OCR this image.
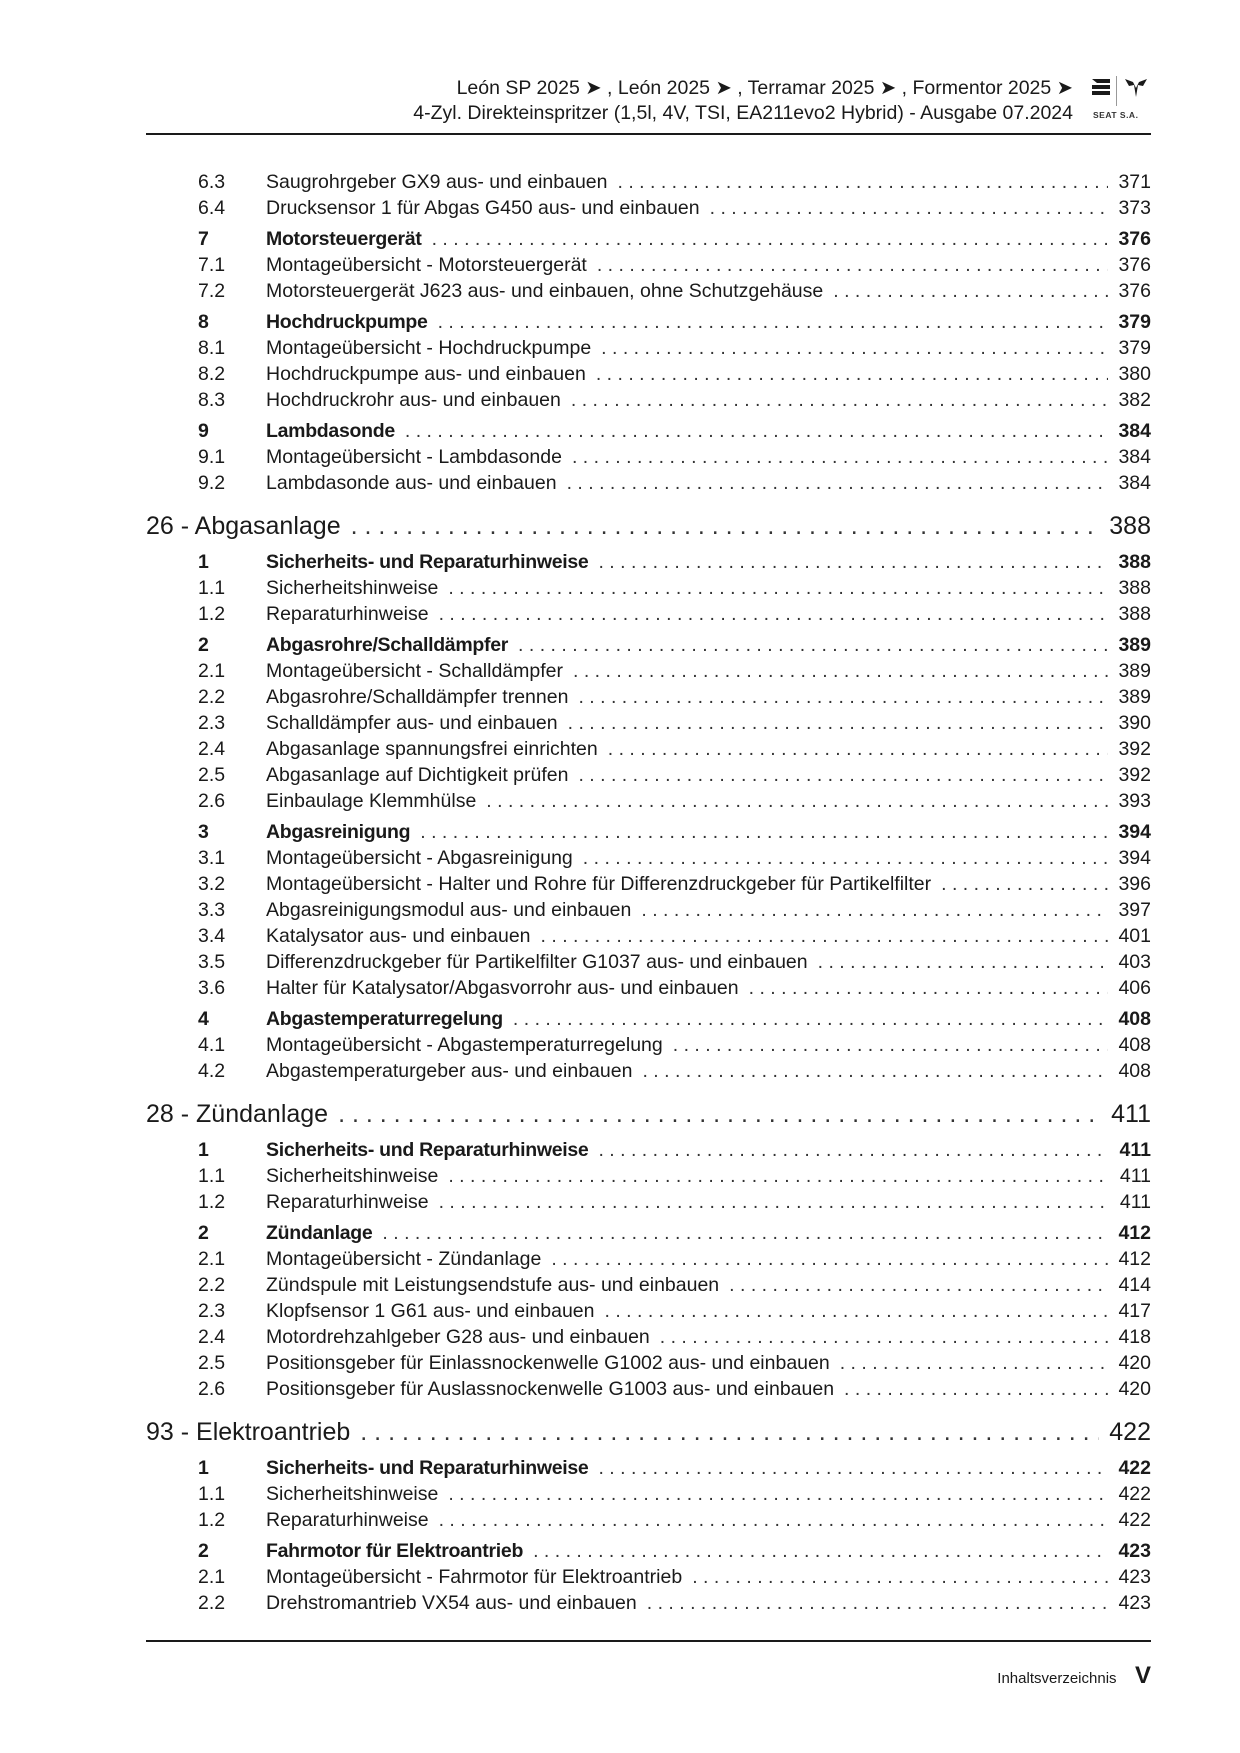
León SP 2025 ➤ , León 2025 ➤ , Terramar 2025 ➤ , Formentor 2025 ➤
4-Zyl. Direkteinspritzer (1,5l, 4V, TSI, EA211evo2 Hybrid) - Ausgabe 07.2024 SEAT S.A.
6.3	Saugrohrgeber GX9 aus- und einbauen . . .	371
6.4	Drucksensor 1 für Abgas G450 aus- und einbauen . . .	373
7	Motorsteuergerät . . .	376
7.1	Montageübersicht - Motorsteuergerät . . .	376
7.2	Motorsteuergerät J623 aus- und einbauen, ohne Schutzgehäuse . . .	376
8	Hochdruckpumpe . . .	379
8.1	Montageübersicht - Hochdruckpumpe . . .	379
8.2	Hochdruckpumpe aus- und einbauen . . .	380
8.3	Hochdruckrohr aus- und einbauen . . .	382
9	Lambdasonde . . .	384
9.1	Montageübersicht - Lambdasonde . . .	384
9.2	Lambdasonde aus- und einbauen . . .	384
26 - Abgasanlage . . .	388
1	Sicherheits- und Reparaturhinweise . . .	388
1.1	Sicherheitshinweise . . .	388
1.2	Reparaturhinweise . . .	388
2	Abgasrohre/Schalldämpfer . . .	389
2.1	Montageübersicht - Schalldämpfer . . .	389
2.2	Abgasrohre/Schalldämpfer trennen . . .	389
2.3	Schalldämpfer aus- und einbauen . . .	390
2.4	Abgasanlage spannungsfrei einrichten . . .	392
2.5	Abgasanlage auf Dichtigkeit prüfen . . .	392
2.6	Einbaulage Klemmhülse . . .	393
3	Abgasreinigung . . .	394
3.1	Montageübersicht - Abgasreinigung . . .	394
3.2	Montageübersicht - Halter und Rohre für Differenzdruckgeber für Partikelfilter . . .	396
3.3	Abgasreinigungsmodul aus- und einbauen . . .	397
3.4	Katalysator aus- und einbauen . . .	401
3.5	Differenzdruckgeber für Partikelfilter G1037 aus- und einbauen . . .	403
3.6	Halter für Katalysator/Abgasvorrohr aus- und einbauen . . .	406
4	Abgastemperaturregelung . . .	408
4.1	Montageübersicht - Abgastemperaturregelung . . .	408
4.2	Abgastemperaturgeber aus- und einbauen . . .	408
28 - Zündanlage . . .	411
1	Sicherheits- und Reparaturhinweise . . .	411
1.1	Sicherheitshinweise . . .	411
1.2	Reparaturhinweise . . .	411
2	Zündanlage . . .	412
2.1	Montageübersicht - Zündanlage . . .	412
2.2	Zündspule mit Leistungsendstufe aus- und einbauen . . .	414
2.3	Klopfsensor 1 G61 aus- und einbauen . . .	417
2.4	Motordrehzahlgeber G28 aus- und einbauen . . .	418
2.5	Positionsgeber für Einlassnockenwelle G1002 aus- und einbauen . . .	420
2.6	Positionsgeber für Auslassnockenwelle G1003 aus- und einbauen . . .	420
93 - Elektroantrieb . . .	422
1	Sicherheits- und Reparaturhinweise . . .	422
1.1	Sicherheitshinweise . . .	422
1.2	Reparaturhinweise . . .	422
2	Fahrmotor für Elektroantrieb . . .	423
2.1	Montageübersicht - Fahrmotor für Elektroantrieb . . .	423
2.2	Drehstromantrieb VX54 aus- und einbauen . . .	423
Inhaltsverzeichnis V
